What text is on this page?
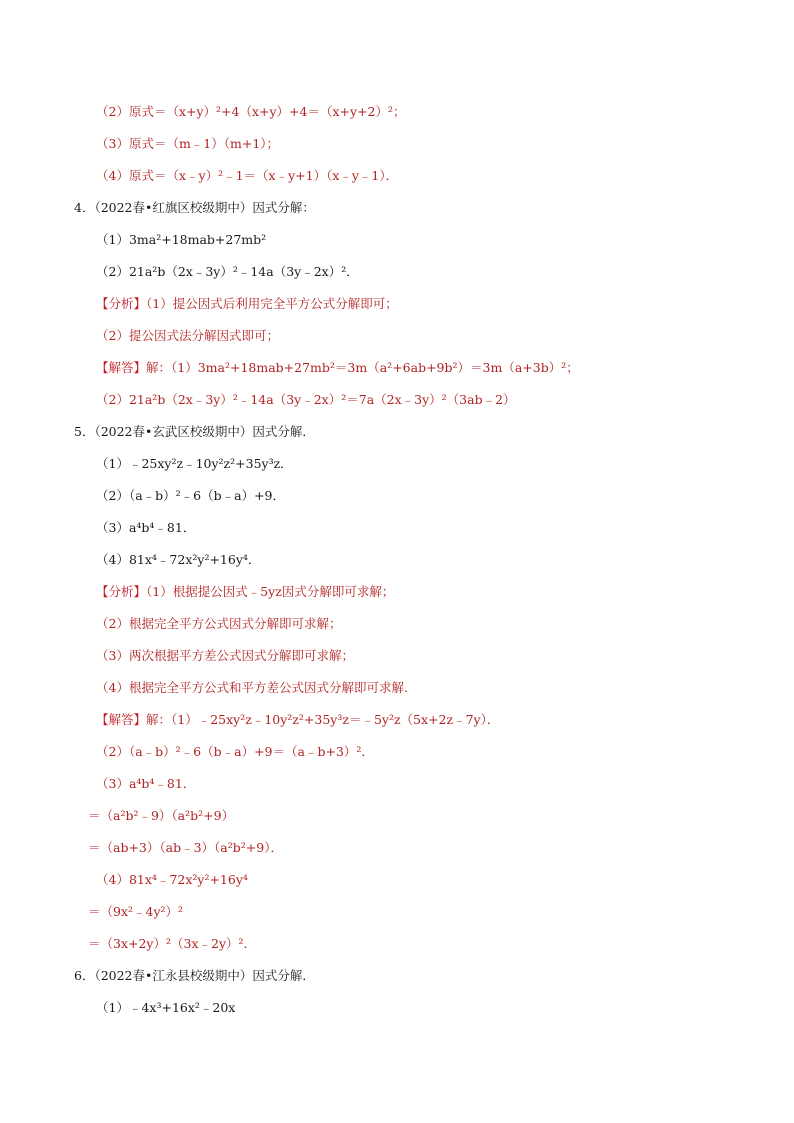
（2）原式＝（x+y）²+4（x+y）+4＝（x+y+2）²；
（3）原式＝（m﹣1）（m+1）；
（4）原式＝（x﹣y）²﹣1＝（x﹣y+1）（x﹣y﹣1）．
4．（2022春•红旗区校级期中）因式分解：
（1）3ma²+18mab+27mb²
（2）21a²b（2x﹣3y）²﹣14a（3y﹣2x）²．
【分析】（1）提公因式后利用完全平方公式分解即可；
（2）提公因式法分解因式即可；
【解答】解：（1）3ma²+18mab+27mb²＝3m（a²+6ab+9b²）＝3m（a+3b）²；
（2）21a²b（2x﹣3y）²﹣14a（3y﹣2x）²＝7a（2x﹣3y）²（3ab﹣2）
5．（2022春•玄武区校级期中）因式分解．
（1）﹣25xy²z﹣10y²z²+35y³z．
（2）（a﹣b）²﹣6（b﹣a）+9．
（3）a⁴b⁴﹣81．
（4）81x⁴﹣72x²y²+16y⁴．
【分析】（1）根据提公因式﹣5yz因式分解即可求解；
（2）根据完全平方公式因式分解即可求解；
（3）两次根据平方差公式因式分解即可求解；
（4）根据完全平方公式和平方差公式因式分解即可求解．
【解答】解：（1）﹣25xy²z﹣10y²z²+35y³z＝﹣5y²z（5x+2z﹣7y）．
（2）（a﹣b）²﹣6（b﹣a）+9＝（a﹣b+3）²．
（3）a⁴b⁴﹣81．
＝（a²b²﹣9）（a²b²+9）
＝（ab+3）（ab﹣3）（a²b²+9）．
（4）81x⁴﹣72x²y²+16y⁴
＝（9x²﹣4y²）²
＝（3x+2y）²（3x﹣2y）²．
6．（2022春•江永县校级期中）因式分解．
（1）﹣4x³+16x²﹣20x
